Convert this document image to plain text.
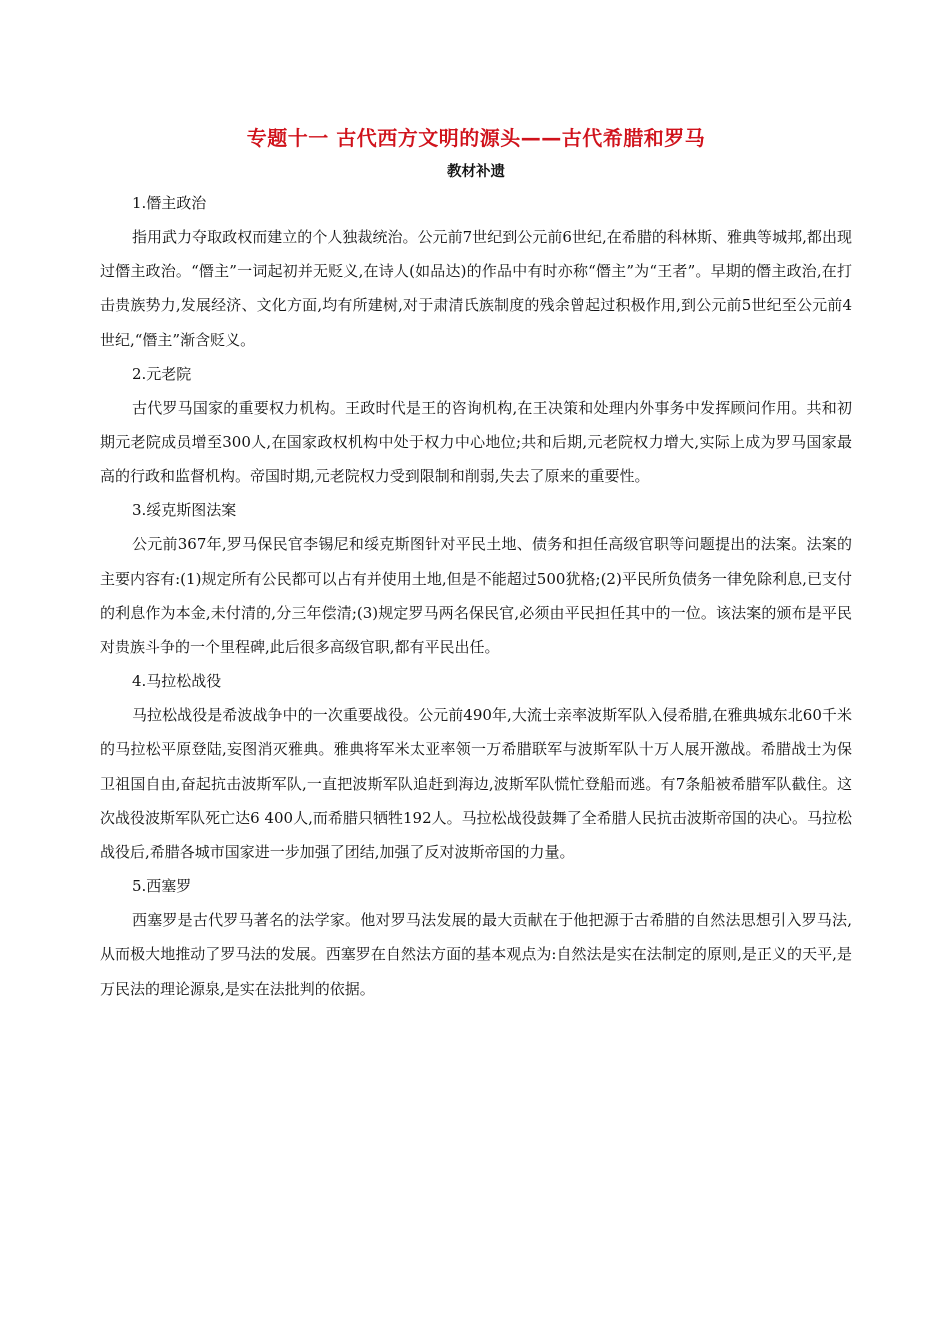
专题十一 古代西方文明的源头——古代希腊和罗马
教材补遗

1.僭主政治

指用武力夺取政权而建立的个人独裁统治。公元前7世纪到公元前6世纪,在希腊的科林斯、雅典等城邦,都出现过僭主政治。“僭主”一词起初并无贬义,在诗人(如品达)的作品中有时亦称“僭主”为“王者”。早期的僭主政治,在打击贵族势力,发展经济、文化方面,均有所建树,对于肃清氏族制度的残余曾起过积极作用,到公元前5世纪至公元前4世纪,“僭主”渐含贬义。

2.元老院

古代罗马国家的重要权力机构。王政时代是王的咨询机构,在王决策和处理内外事务中发挥顾问作用。共和初期元老院成员增至300人,在国家政权机构中处于权力中心地位;共和后期,元老院权力增大,实际上成为罗马国家最高的行政和监督机构。帝国时期,元老院权力受到限制和削弱,失去了原来的重要性。

3.绥克斯图法案

公元前367年,罗马保民官李锡尼和绥克斯图针对平民土地、债务和担任高级官职等问题提出的法案。法案的主要内容有:(1)规定所有公民都可以占有并使用土地,但是不能超过500犹格;(2)平民所负债务一律免除利息,已支付的利息作为本金,未付清的,分三年偿清;(3)规定罗马两名保民官,必须由平民担任其中的一位。该法案的颁布是平民对贵族斗争的一个里程碑,此后很多高级官职,都有平民出任。

4.马拉松战役

马拉松战役是希波战争中的一次重要战役。公元前490年,大流士亲率波斯军队入侵希腊,在雅典城东北60千米的马拉松平原登陆,妄图消灭雅典。雅典将军米太亚率领一万希腊联军与波斯军队十万人展开激战。希腊战士为保卫祖国自由,奋起抗击波斯军队,一直把波斯军队追赶到海边,波斯军队慌忙登船而逃。有7条船被希腊军队截住。这次战役波斯军队死亡达6 400人,而希腊只牺牲192人。马拉松战役鼓舞了全希腊人民抗击波斯帝国的决心。马拉松战役后,希腊各城市国家进一步加强了团结,加强了反对波斯帝国的力量。

5.西塞罗

西塞罗是古代罗马著名的法学家。他对罗马法发展的最大贡献在于他把源于古希腊的自然法思想引入罗马法,从而极大地推动了罗马法的发展。西塞罗在自然法方面的基本观点为:自然法是实在法制定的原则,是正义的天平,是万民法的理论源泉,是实在法批判的依据。
